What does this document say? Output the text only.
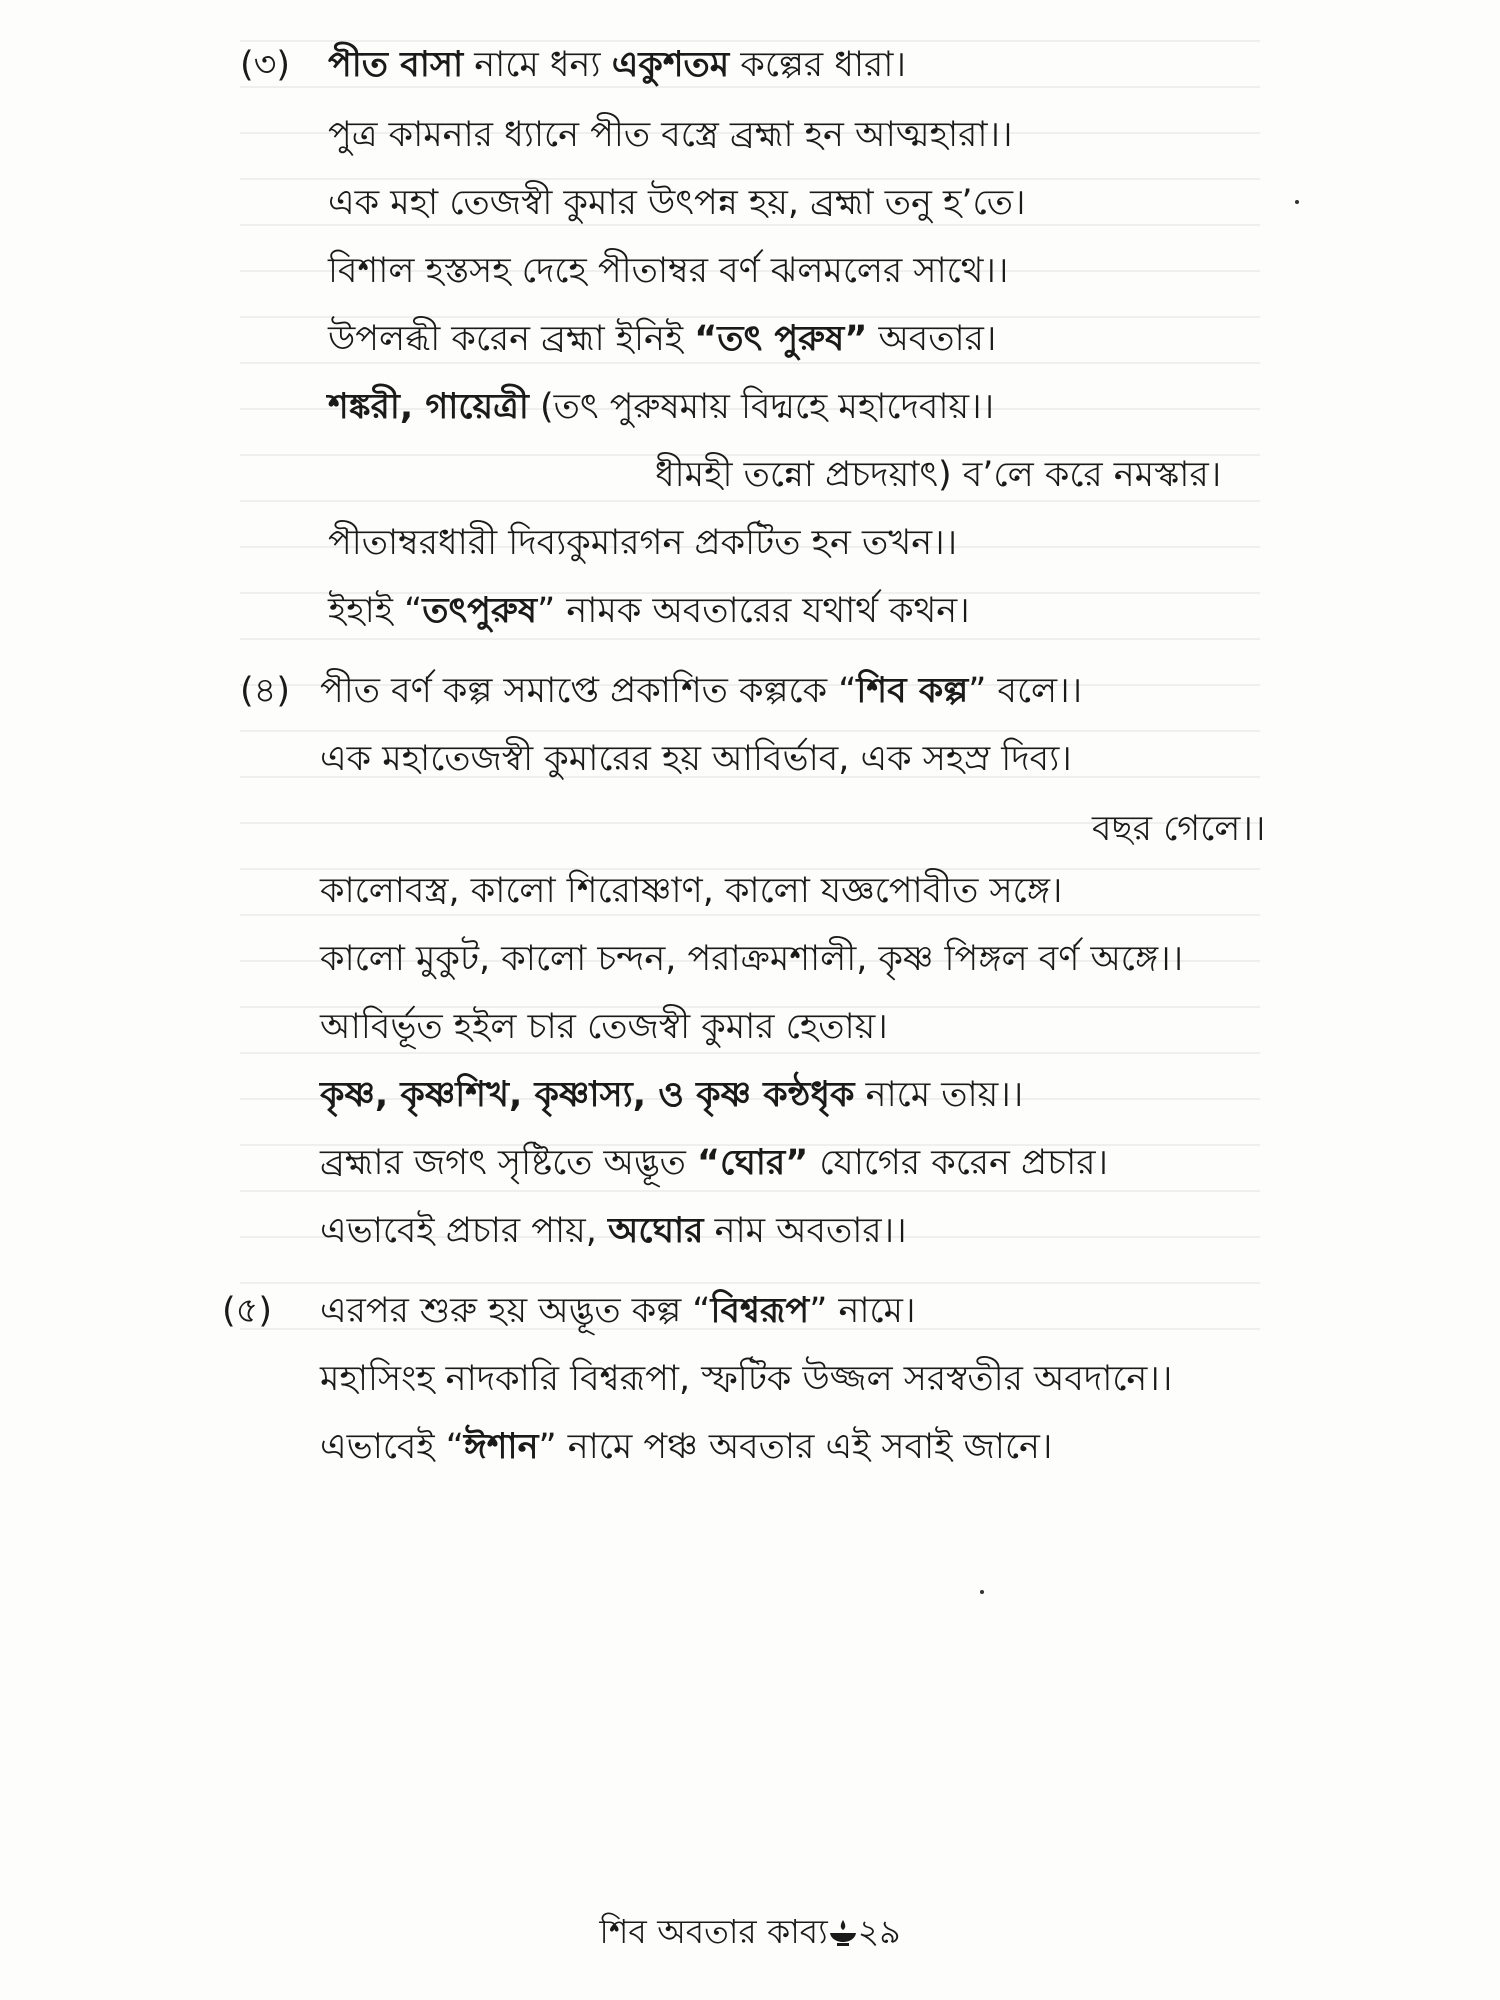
(৩) পীত বাসা নামে ধন্য একুশতম কল্পের ধারা।
পুত্র কামনার ধ্যানে পীত বস্ত্রে ব্রহ্মা হন আত্মহারা।।
এক মহা তেজস্বী কুমার উৎপন্ন হয়, ব্রহ্মা তনু হ’তে।
বিশাল হস্তসহ দেহে পীতাম্বর বর্ণ ঝলমলের সাথে।।
উপলব্ধী করেন ব্রহ্মা ইনিই “তৎ পুরুষ” অবতার।
শঙ্করী, গায়েত্রী (তৎ পুরুষমায় বিদ্মহে মহাদেবায়।।
ধীমহী তন্নো প্রচদয়াৎ) ব’লে করে নমস্কার।
পীতাম্বরধারী দিব্যকুমারগন প্রকটিত হন তখন।।
ইহাই “তৎপুরুষ” নামক অবতারের যথার্থ কথন।
(৪) পীত বর্ণ কল্প সমাপ্তে প্রকাশিত কল্পকে “শিব কল্প” বলে।।
এক মহাতেজস্বী কুমারের হয় আবির্ভাব, এক সহস্র দিব্য।
বছর গেলে।।
কালোবস্ত্র, কালো শিরোষ্ণাণ, কালো যজ্ঞপোবীত সঙ্গে।
কালো মুকুট, কালো চন্দন, পরাক্রমশালী, কৃষ্ণ পিঙ্গল বর্ণ অঙ্গে।।
আবির্ভূত হইল চার তেজস্বী কুমার হেতায়।
কৃষ্ণ, কৃষ্ণশিখ, কৃষ্ণাস্য, ও কৃষ্ণ কন্ঠধৃক নামে তায়।।
ব্রহ্মার জগৎ সৃষ্টিতে অদ্ভূত “ঘোর” যোগের করেন প্রচার।
এভাবেই প্রচার পায়, অঘোর নাম অবতার।।
(৫) এরপর শুরু হয় অদ্ভূত কল্প “বিশ্বরূপ” নামে।
মহাসিংহ নাদকারি বিশ্বরূপা, স্ফটিক উজ্জল সরস্বতীর অবদানে।।
এভাবেই “ঈশান” নামে পঞ্চ অবতার এই সবাই জানে।
শিব অবতার কাব্য ২৯
